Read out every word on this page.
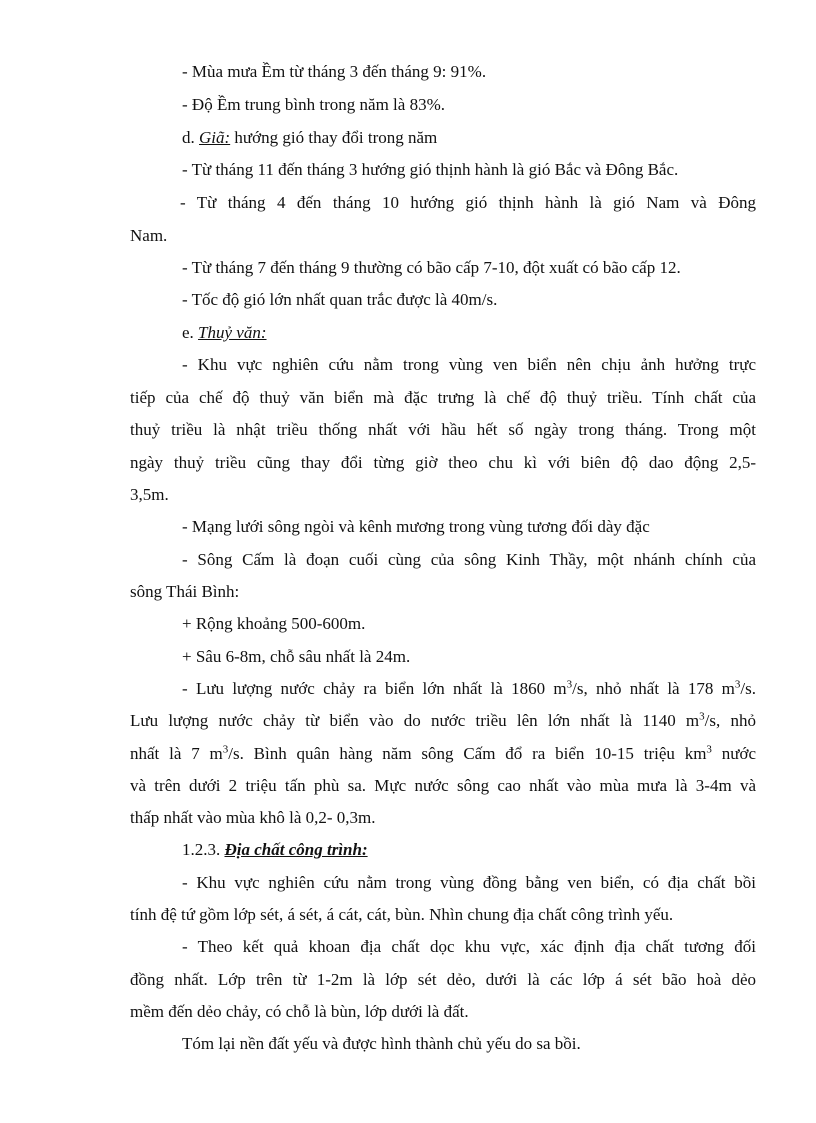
- Mùa mưa Ềm từ tháng 3 đến tháng 9: 91%.
- Độ Ềm trung bình trong năm là 83%.
d. Giã: hướng gió thay đổi trong năm
- Từ tháng 11 đến tháng 3 hướng gió thịnh hành là gió Bắc và Đông Bắc.
- Từ tháng 4 đến tháng 10 hướng gió thịnh hành là gió Nam và Đông
Nam.
- Từ tháng 7 đến tháng 9 thường có bão cấp 7-10, đột xuất có bão cấp 12.
- Tốc độ gió lớn nhất quan trắc được là 40m/s.
e. Thuỷ văn:
- Khu vực nghiên cứu nằm trong vùng ven biển nên chịu ảnh hưởng trực
tiếp của chế độ thuỷ văn biển mà đặc trưng là chế độ thuỷ triều. Tính chất của
thuỷ triều là nhật triều thống nhất với hầu hết số ngày trong tháng. Trong một
ngày thuỷ triều cũng thay đổi từng giờ theo chu kì với biên độ dao động 2,5-
3,5m.
- Mạng lưới sông ngòi và kênh mương trong vùng tương đối dày đặc
- Sông Cấm là đoạn cuối cùng của sông Kinh Thầy, một nhánh chính của
sông Thái Bình:
+ Rộng khoảng 500-600m.
+ Sâu 6-8m, chỗ sâu nhất là 24m.
- Lưu lượng nước chảy ra biển lớn nhất là 1860 $m^3/s$, nhỏ nhất là 178 $m^3/s$.
Lưu lượng nước chảy từ biển vào do nước triều lên lớn nhất là 1140 $m^3/s$, nhỏ
nhất là 7 $m^3/s$. Bình quân hàng năm sông Cấm đổ ra biển 10-15 triệu $km^3$ nước
và trên dưới 2 triệu tấn phù sa. Mực nước sông cao nhất vào mùa mưa là 3-4m và
thấp nhất vào mùa khô là 0,2- 0,3m.
1.2.3. Địa chất công trình:
- Khu vực nghiên cứu nằm trong vùng đồng bằng ven biển, có địa chất bồi
tính đệ tứ gồm lớp sét, á sét, á cát, cát, bùn. Nhìn chung địa chất công trình yếu.
- Theo kết quả khoan địa chất dọc khu vực, xác định địa chất tương đối
đồng nhất. Lớp trên từ 1-2m là lớp sét dẻo, dưới là các lớp á sét bão hoà dẻo
mềm đến dẻo chảy, có chỗ là bùn, lớp dưới là đất.
Tóm lại nền đất yếu và được hình thành chủ yếu do sa bồi.
